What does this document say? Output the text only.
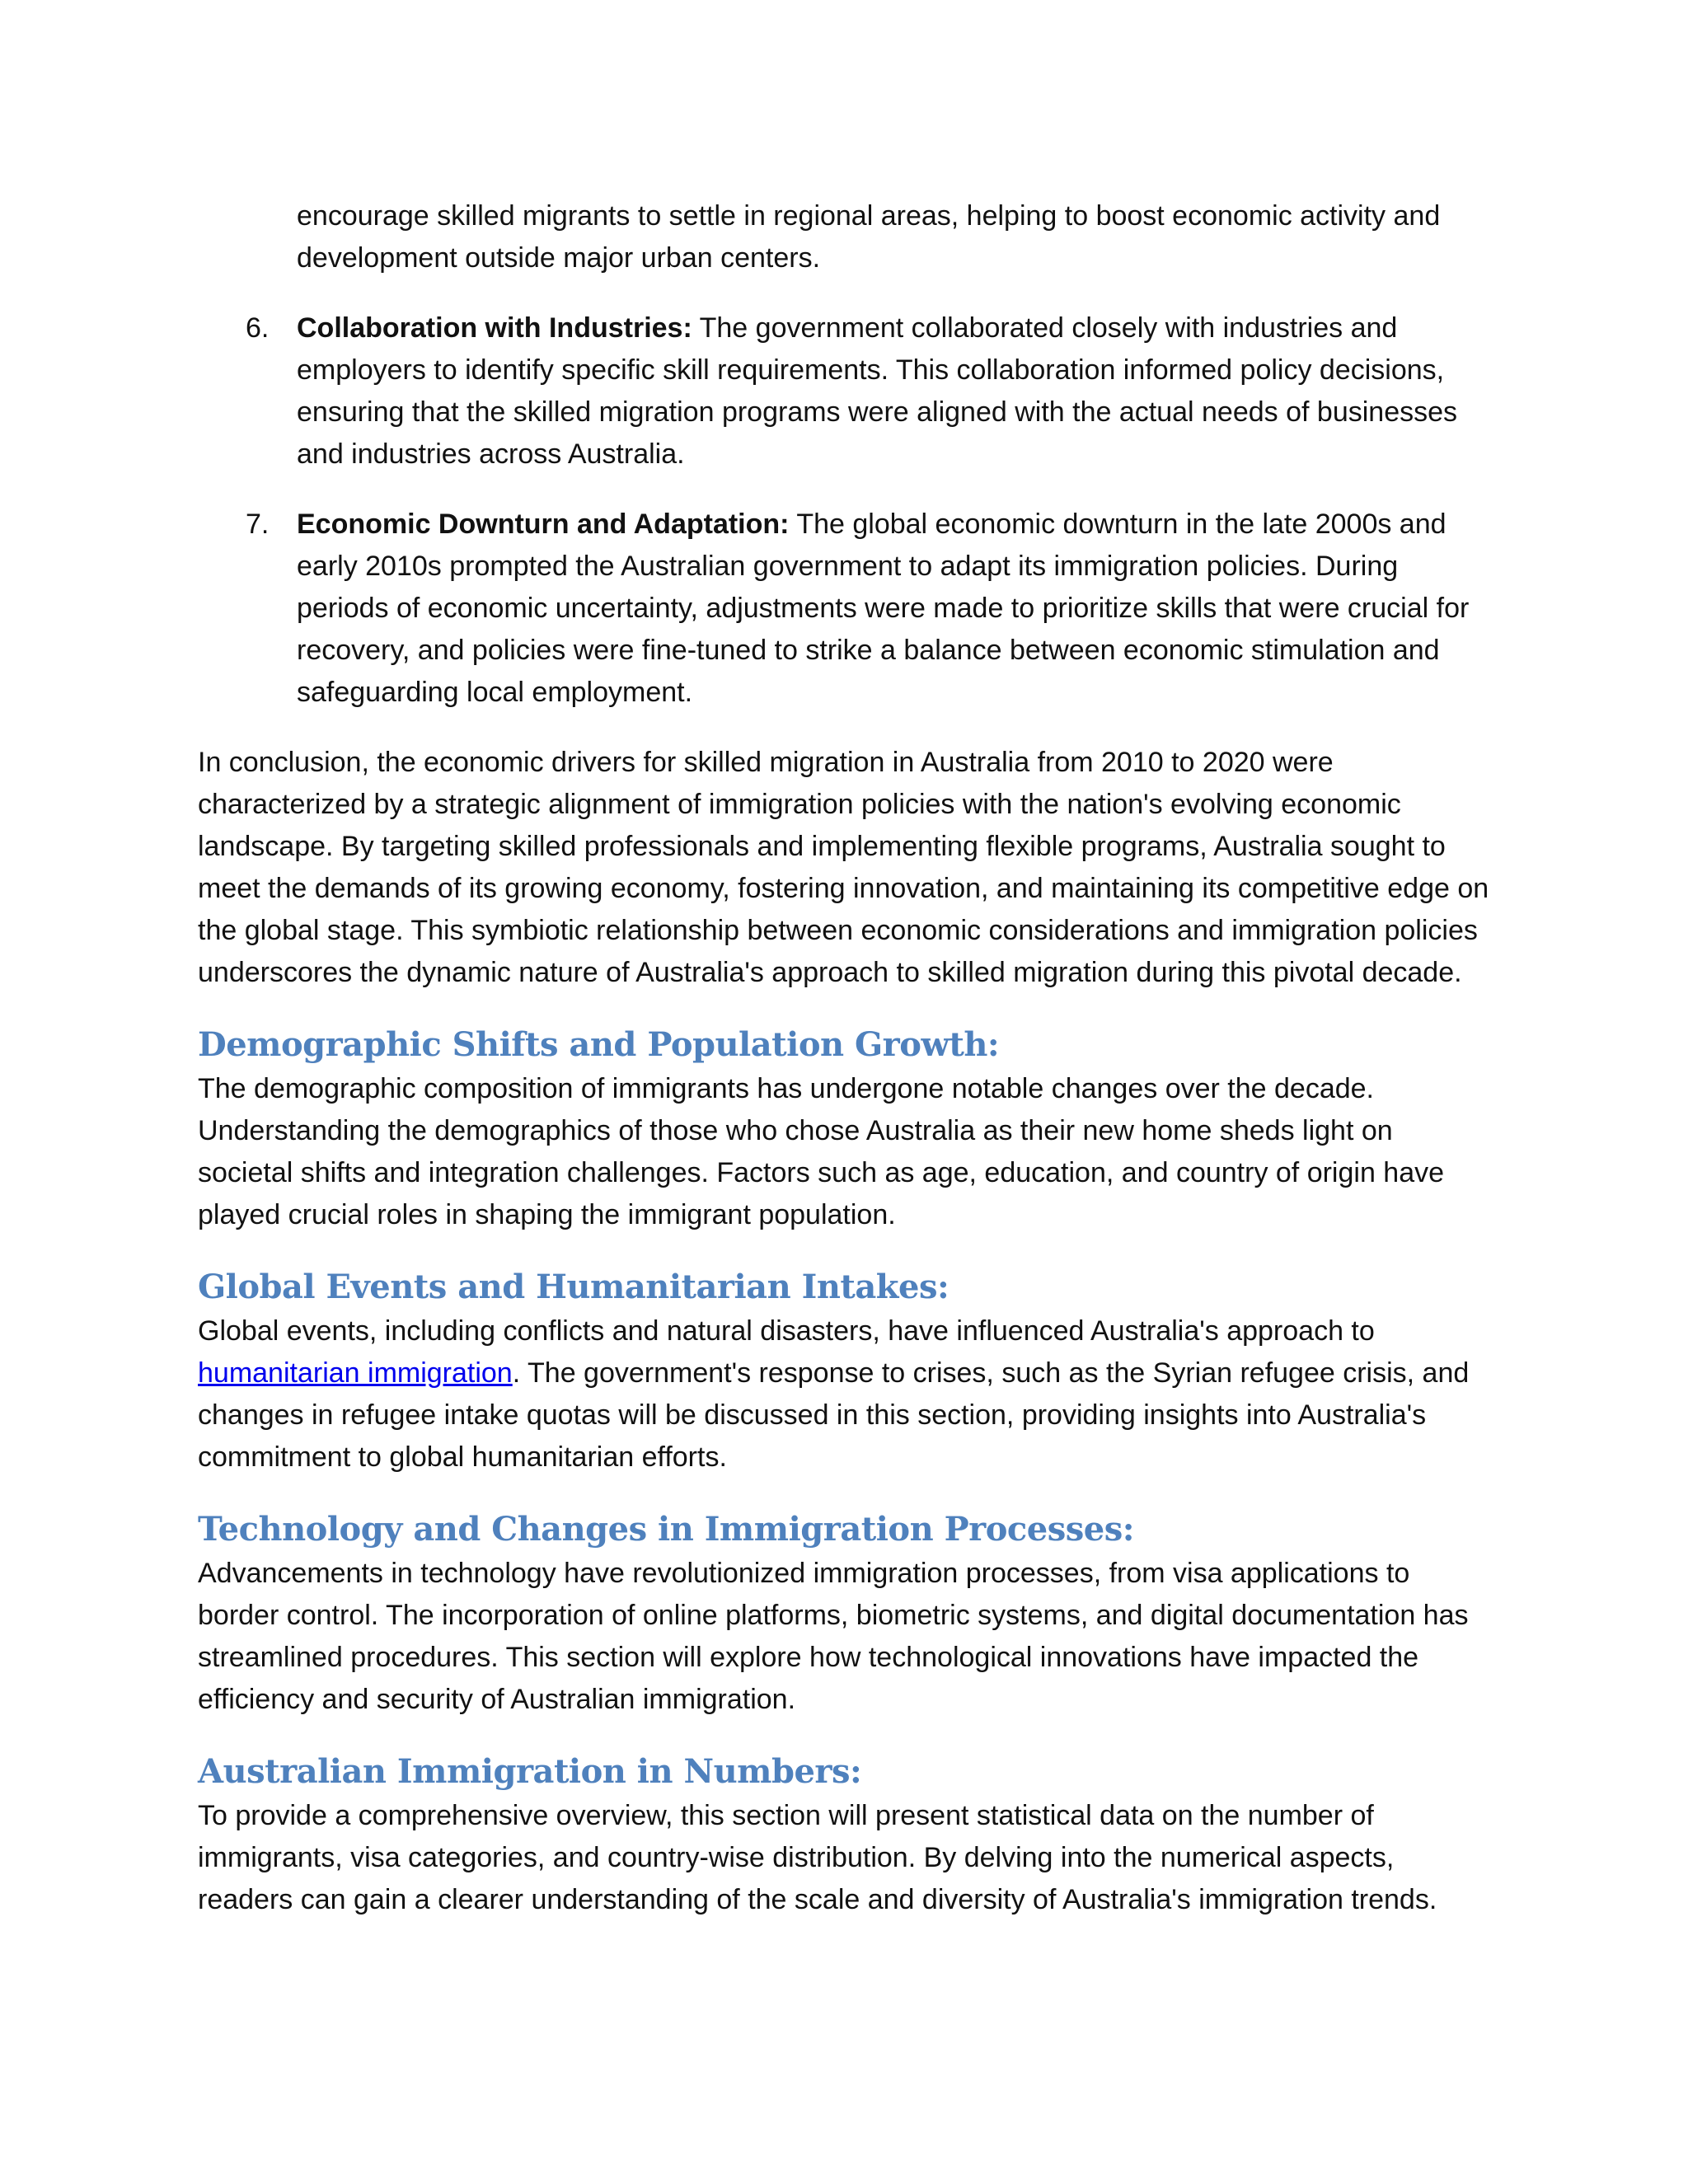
encourage skilled migrants to settle in regional areas, helping to boost economic activity and development outside major urban centers.

6. Collaboration with Industries: The government collaborated closely with industries and employers to identify specific skill requirements. This collaboration informed policy decisions, ensuring that the skilled migration programs were aligned with the actual needs of businesses and industries across Australia.
7. Economic Downturn and Adaptation: The global economic downturn in the late 2000s and early 2010s prompted the Australian government to adapt its immigration policies. During periods of economic uncertainty, adjustments were made to prioritize skills that were crucial for recovery, and policies were fine-tuned to strike a balance between economic stimulation and safeguarding local employment.

In conclusion, the economic drivers for skilled migration in Australia from 2010 to 2020 were characterized by a strategic alignment of immigration policies with the nation's evolving economic landscape. By targeting skilled professionals and implementing flexible programs, Australia sought to meet the demands of its growing economy, fostering innovation, and maintaining its competitive edge on the global stage. This symbiotic relationship between economic considerations and immigration policies underscores the dynamic nature of Australia's approach to skilled migration during this pivotal decade.

Demographic Shifts and Population Growth:

The demographic composition of immigrants has undergone notable changes over the decade. Understanding the demographics of those who chose Australia as their new home sheds light on societal shifts and integration challenges. Factors such as age, education, and country of origin have played crucial roles in shaping the immigrant population.

Global Events and Humanitarian Intakes:

Global events, including conflicts and natural disasters, have influenced Australia's approach to humanitarian immigration. The government's response to crises, such as the Syrian refugee crisis, and changes in refugee intake quotas will be discussed in this section, providing insights into Australia's commitment to global humanitarian efforts.

Technology and Changes in Immigration Processes:

Advancements in technology have revolutionized immigration processes, from visa applications to border control. The incorporation of online platforms, biometric systems, and digital documentation has streamlined procedures. This section will explore how technological innovations have impacted the efficiency and security of Australian immigration.

Australian Immigration in Numbers:

To provide a comprehensive overview, this section will present statistical data on the number of immigrants, visa categories, and country-wise distribution. By delving into the numerical aspects, readers can gain a clearer understanding of the scale and diversity of Australia's immigration trends.
